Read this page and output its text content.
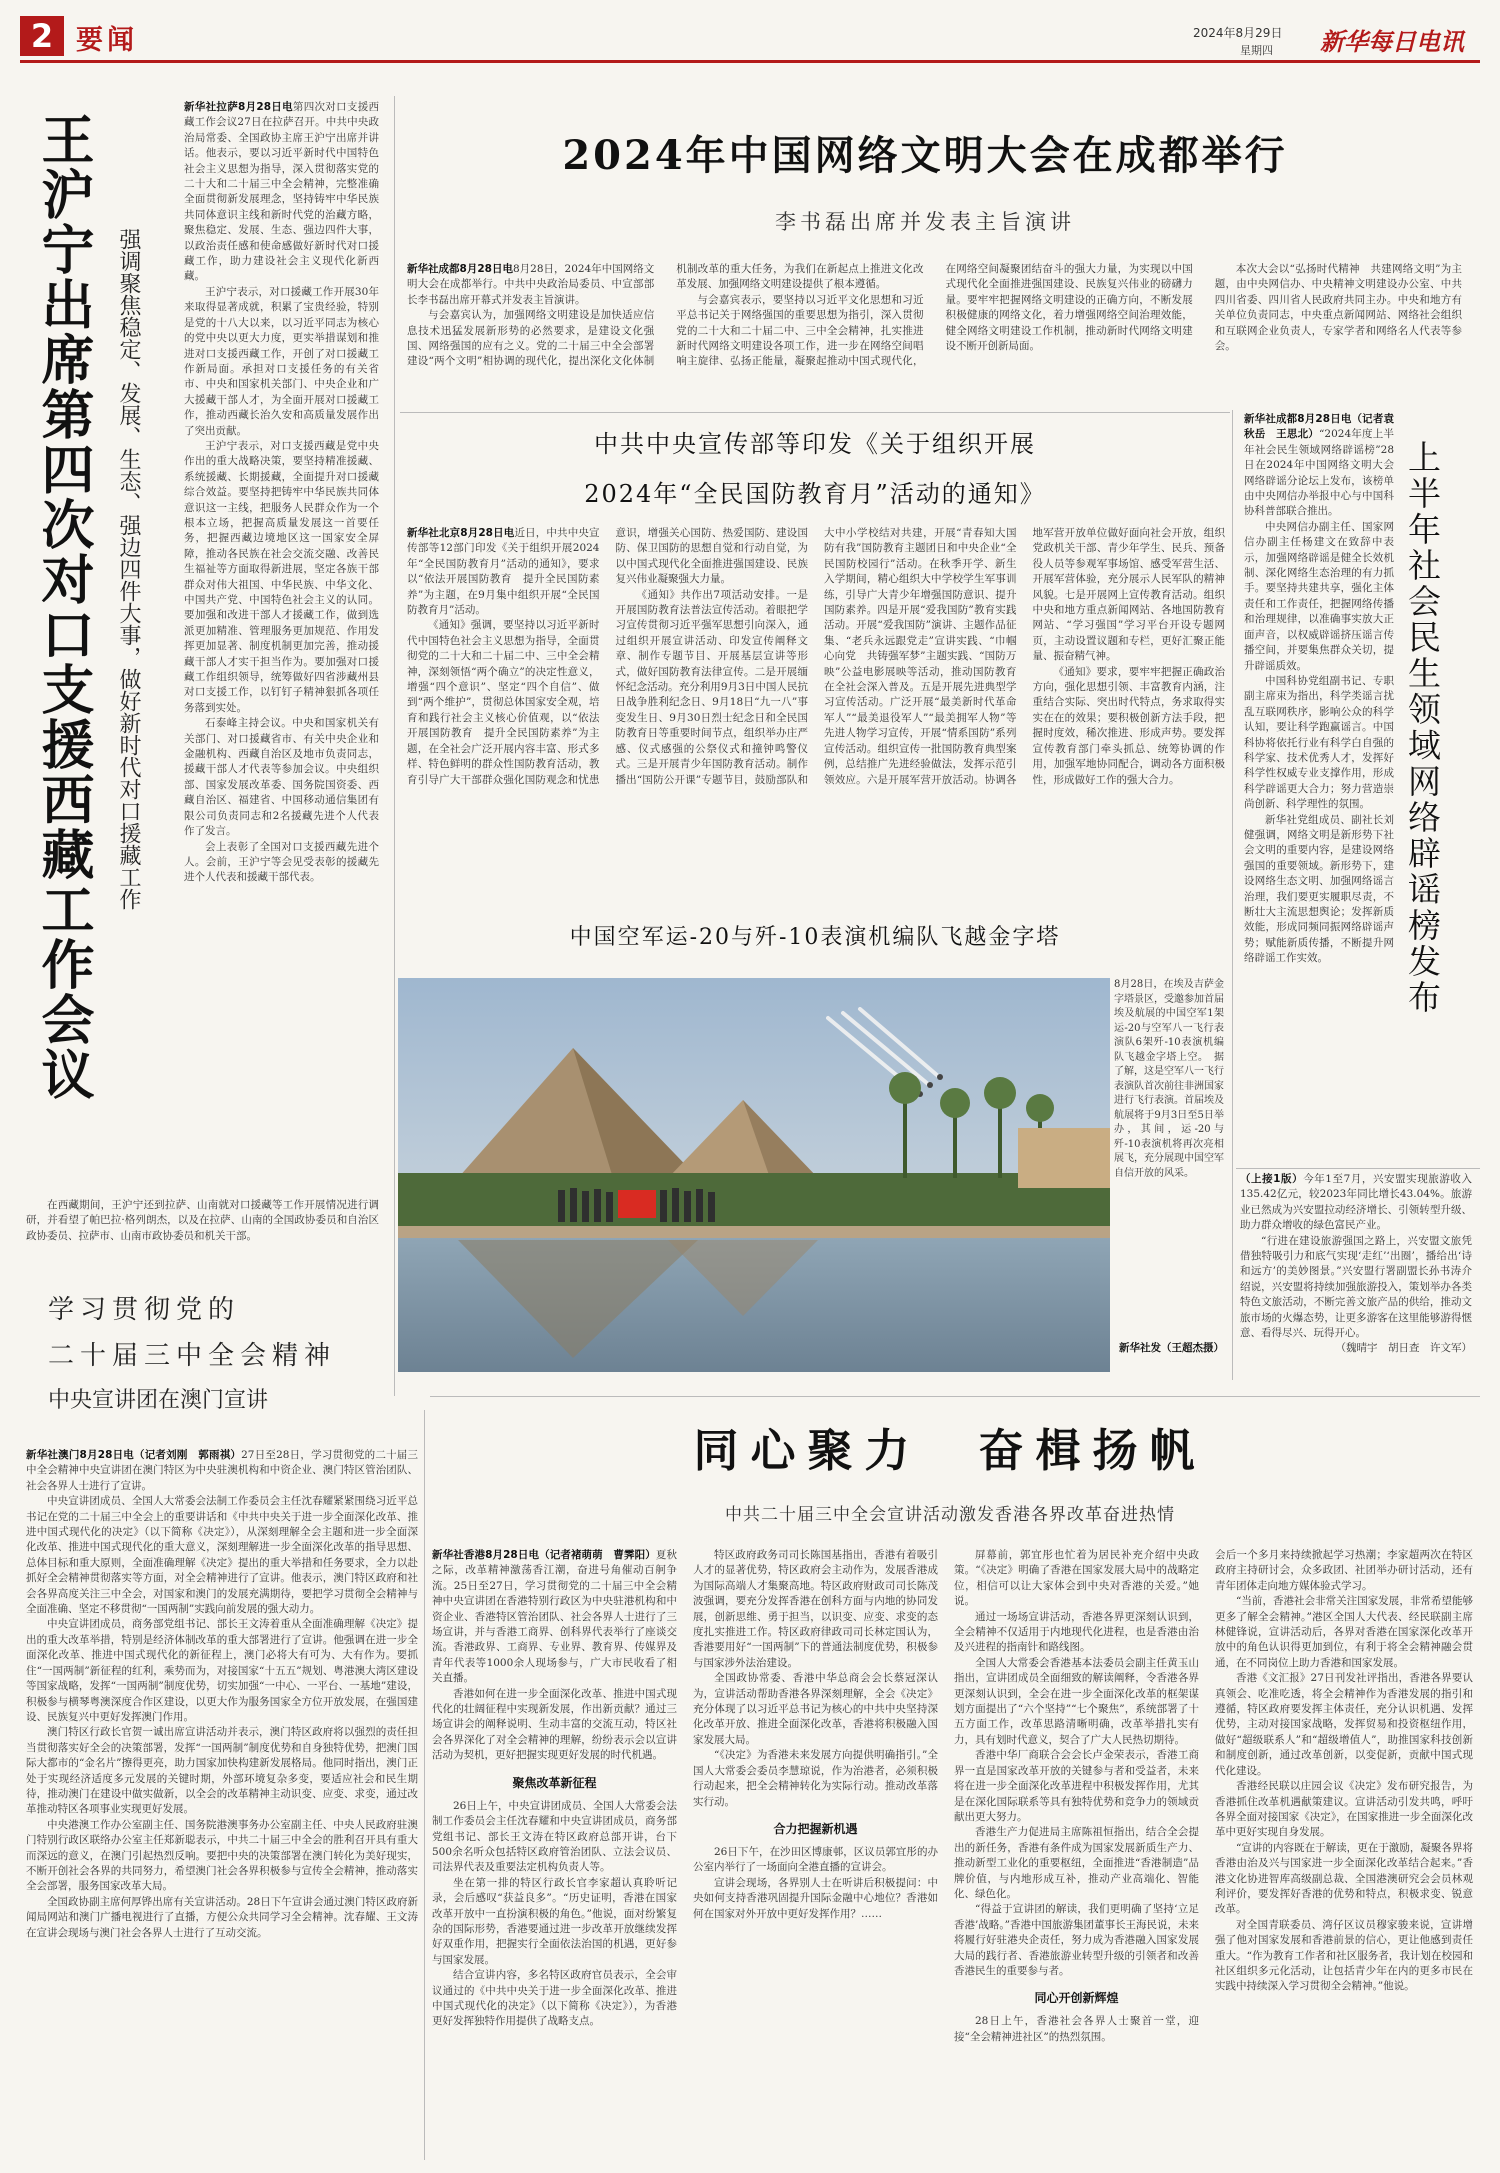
2 要闻	2024年8月29日
星期四 新华每日电讯
王沪宁出席第四次对口支援西藏工作会议 强调聚焦稳定、发展、生态、强边四件大事，做好新时代对口援藏工作

新华社拉萨8月28日电第四次对口支援西藏工作会议27日在拉萨召开。中共中央政治局常委、全国政协主席王沪宁出席并讲话。他表示，要以习近平新时代中国特色社会主义思想为指导，深入贯彻落实党的二十大和二十届三中全会精神，完整准确全面贯彻新发展理念，坚持铸牢中华民族共同体意识主线和新时代党的治藏方略，聚焦稳定、发展、生态、强边四件大事，以政治责任感和使命感做好新时代对口援藏工作，助力建设社会主义现代化新西藏。

王沪宁表示，对口援藏工作开展30年来取得显著成就，积累了宝贵经验，特别是党的十八大以来，以习近平同志为核心的党中央以更大力度，更实举措谋划和推进对口支援西藏工作，开创了对口援藏工作新局面。承担对口支援任务的有关省市、中央和国家机关部门、中央企业和广大援藏干部人才，为全面开展对口援藏工作，推动西藏长治久安和高质量发展作出了突出贡献。

王沪宁表示，对口支援西藏是党中央作出的重大战略决策，要坚持精准援藏、系统援藏、长期援藏，全面提升对口援藏综合效益。要坚持把铸牢中华民族共同体意识这一主线，把服务人民群众作为一个根本立场，把握高质量发展这一首要任务，把握西藏边境地区这一国家安全屏障，推动各民族在社会交流交融、改善民生福祉等方面取得新进展，坚定各族干部群众对伟大祖国、中华民族、中华文化、中国共产党、中国特色社会主义的认同。要加强和改进干部人才援藏工作，做到选派更加精准、管理服务更加规范、作用发挥更加显著、制度机制更加完善，推动援藏干部人才实干担当作为。要加强对口援藏工作组织领导，统筹做好四省涉藏州县对口支援工作，以钉钉子精神狠抓各项任务落到实处。

石泰峰主持会议。中央和国家机关有关部门、对口援藏省市、有关中央企业和金融机构、西藏自治区及地市负责同志，援藏干部人才代表等参加会议。中央组织部、国家发展改革委、国务院国资委、西藏自治区、福建省、中国移动通信集团有限公司负责同志和2名援藏先进个人代表作了发言。

会上表彰了全国对口支援西藏先进个人。会前，王沪宁等会见受表彰的援藏先进个人代表和援藏干部代表。

在西藏期间，王沪宁还到拉萨、山南就对口援藏等工作开展情况进行调研，并看望了帕巴拉·格列朗杰，以及在拉萨、山南的全国政协委员和自治区政协委员、拉萨市、山南市政协委员和机关干部。

学习贯彻党的
二十届三中全会精神
中央宣讲团在澳门宣讲

新华社澳门8月28日电（记者刘刚　郭雨祺）27日至28日，学习贯彻党的二十届三中全会精神中央宣讲团在澳门特区为中央驻澳机构和中资企业、澳门特区管治团队、社会各界人士进行了宣讲。

中央宣讲团成员、全国人大常委会法制工作委员会主任沈春耀紧紧围绕习近平总书记在党的二十届三中全会上的重要讲话和《中共中央关于进一步全面深化改革、推进中国式现代化的决定》（以下简称《决定》），从深刻理解全会主题和进一步全面深化改革、推进中国式现代化的重大意义，深刻理解进一步全面深化改革的指导思想、总体目标和重大原则，全面准确理解《决定》提出的重大举措和任务要求，全力以赴抓好全会精神贯彻落实等方面，对全会精神进行了宣讲。他表示，澳门特区政府和社会各界高度关注三中全会，对国家和澳门的发展充满期待，要把学习贯彻全会精神与全面准确、坚定不移贯彻“一国两制”实践向前发展的强大动力。

中央宣讲团成员，商务部党组书记、部长王文涛着重从全面准确理解《决定》提出的重大改革举措，特别是经济体制改革的重大部署进行了宣讲。他强调在进一步全面深化改革、推进中国式现代化的新征程上，澳门必将大有可为、大有作为。要抓住“一国两制”新征程的红利，乘势而为，对接国家“十五五”规划、粤港澳大湾区建设等国家战略，发挥“一国两制”制度优势，切实加强“一中心、一平台、一基地”建设，积极参与横琴粤澳深度合作区建设，以更大作为服务国家全方位开放发展，在强国建设、民族复兴中更好发挥澳门作用。

澳门特区行政长官贺一诚出席宣讲活动并表示，澳门特区政府将以强烈的责任担当贯彻落实好全会的决策部署，发挥“一国两制”制度优势和自身独特优势，把澳门国际大都市的“金名片”擦得更亮，助力国家加快构建新发展格局。他同时指出，澳门正处于实现经济适度多元发展的关键时期，外部环境复杂多变，要适应社会和民生期待，推动澳门在建设中做实做新，以全会的改革精神主动识变、应变、求变，通过改革推动特区各项事业实现更好发展。

中央港澳工作办公室副主任、国务院港澳事务办公室副主任、中央人民政府驻澳门特别行政区联络办公室主任郑新聪表示，中共二十届三中全会的胜利召开具有重大而深远的意义，在澳门引起热烈反响。要把中央的决策部署在澳门转化为美好现实，不断开创社会各界的共同努力，希望澳门社会各界积极参与宣传全会精神，推动落实全会部署，服务国家改革大局。

全国政协副主席何厚铧出席有关宣讲活动。28日下午宣讲会通过澳门特区政府新闻局网站和澳门广播电视进行了直播，方便公众共同学习全会精神。沈春耀、王文涛在宣讲会现场与澳门社会各界人士进行了互动交流。

2024年中国网络文明大会在成都举行
李书磊出席并发表主旨演讲

新华社成都8月28日电8月28日，2024年中国网络文明大会在成都举行。中共中央政治局委员、中宣部部长李书磊出席开幕式并发表主旨演讲。

与会嘉宾认为，加强网络文明建设是加快适应信息技术迅猛发展新形势的必然要求，是建设文化强国、网络强国的应有之义。党的二十届三中全会部署建设“两个文明”相协调的现代化，提出深化文化体制机制改革的重大任务，为我们在新起点上推进文化改革发展、加强网络文明建设提供了根本遵循。

与会嘉宾表示，要坚持以习近平文化思想和习近平总书记关于网络强国的重要思想为指引，深入贯彻党的二十大和二十届二中、三中全会精神，扎实推进新时代网络文明建设各项工作，进一步在网络空间唱响主旋律、弘扬正能量，凝聚起推动中国式现代化，在网络空间凝聚团结奋斗的强大力量，为实现以中国式现代化全面推进强国建设、民族复兴伟业的磅礴力量。要牢牢把握网络文明建设的正确方向，不断发展积极健康的网络文化，着力增强网络空间治理效能，健全网络文明建设工作机制，推动新时代网络文明建设不断开创新局面。

本次大会以“弘扬时代精神　共建网络文明”为主题，由中央网信办、中央精神文明建设办公室、中共四川省委、四川省人民政府共同主办。中央和地方有关单位负责同志，中央重点新闻网站、网络社会组织和互联网企业负责人，专家学者和网络名人代表等参会。

中共中央宣传部等印发《关于组织开展
2024年“全民国防教育月”活动的通知》

新华社北京8月28日电近日，中共中央宣传部等12部门印发《关于组织开展2024年“全民国防教育月”活动的通知》，要求以“依法开展国防教育　提升全民国防素养”为主题，在9月集中组织开展“全民国防教育月”活动。

《通知》强调，要坚持以习近平新时代中国特色社会主义思想为指导，全面贯彻党的二十大和二十届二中、三中全会精神，深刻领悟“两个确立”的决定性意义，增强“四个意识”、坚定“四个自信”、做到“两个维护”，贯彻总体国家安全观，培育和践行社会主义核心价值观，以“依法开展国防教育　提升全民国防素养”为主题，在全社会广泛开展内容丰富、形式多样、特色鲜明的群众性国防教育活动，教育引导广大干部群众强化国防观念和忧患意识，增强关心国防、热爱国防、建设国防、保卫国防的思想自觉和行动自觉，为以中国式现代化全面推进强国建设、民族复兴伟业凝聚强大力量。

《通知》共作出7项活动安排。一是开展国防教育法普法宣传活动。着眼把学习宣传贯彻习近平强军思想引向深入，通过组织开展宣讲活动、印发宣传阐释文章、制作专题节目、开展基层宣讲等形式，做好国防教育法律宣传。二是开展缅怀纪念活动。充分利用9月3日中国人民抗日战争胜利纪念日、9月18日“九一八”事变发生日、9月30日烈士纪念日和全民国防教育日等重要时间节点，组织举办庄严感、仪式感强的公祭仪式和撞钟鸣警仪式。三是开展青少年国防教育活动。制作播出“国防公开课”专题节目，鼓励部队和大中小学校结对共建，开展“青春知大国　防有我”国防教育主题团日和中央企业“全民国防校园行”活动。在秋季开学、新生入学期间，精心组织大中学校学生军事训练，引导广大青少年增强国防意识、提升国防素养。四是开展“爱我国防”教育实践活动。开展“爱我国防”演讲、主题作品征集、“老兵永远跟党走”宣讲实践、“巾帼心向党　共铸强军梦”主题实践、“国防万映”公益电影展映等活动，推动国防教育在全社会深入普及。五是开展先进典型学习宣传活动。广泛开展“最美新时代革命军人”“最美退役军人”“最美拥军人物”等先进人物学习宣传，开展“情系国防”系列宣传活动。组织宣传一批国防教育典型案例，总结推广先进经验做法，发挥示范引领效应。六是开展军营开放活动。协调各地军营开放单位做好面向社会开放，组织党政机关干部、青少年学生、民兵、预备役人员等参观军事场馆、感受军营生活、开展军营体验，充分展示人民军队的精神风貌。七是开展网上宣传教育活动。组织中央和地方重点新闻网站、各地国防教育网站、“学习强国”学习平台开设专题网页，主动设置议题和专栏，更好汇聚正能量、振奋精气神。

《通知》要求，要牢牢把握正确政治方向，强化思想引领、丰富教育内涵，注重结合实际、突出时代特点，务求取得实实在在的效果；要积极创新方法手段，把握时度效，稀次推进、形成声势。要发挥宣传教育部门牵头抓总、统筹协调的作用，加强军地协同配合，调动各方面积极性，形成做好工作的强大合力。	上半年社会民生领域网络辟谣榜发布

新华社成都8月28日电（记者袁秋岳　王思北）“2024年度上半年社会民生领域网络辟谣榜”28日在2024年中国网络文明大会网络辟谣分论坛上发布，该榜单由中央网信办举报中心与中国科协科普部联合推出。

中央网信办副主任、国家网信办副主任杨建文在致辞中表示，加强网络辟谣是健全长效机制、深化网络生态治理的有力抓手。要坚持共建共享，强化主体责任和工作责任，把握网络传播和治理规律，以准确事实放大正面声音，以权威辟谣挤压谣言传播空间，并要集焦群众关切，提升辟谣质效。

中国科协党组副书记、专职副主席束为指出，科学类谣言扰乱互联网秩序，影响公众的科学认知，要让科学跑赢谣言。中国科协将依托行业有科学白自强的科学家、技术优秀人才，发挥好科学性权威专业支撑作用，形成科学辟谣更大合力；努力营造崇尚创新、科学理性的氛围。

新华社党组成员、副社长刘健强调，网络文明是新形势下社会文明的重要内容，是建设网络强国的重要领域。新形势下，建设网络生态文明、加强网络谣言治理，我们要更实履职尽责，不断壮大主流思想舆论；发挥新质效能，形成同频同振网络辟谣声势；赋能新质传播，不断提升网络辟谣工作实效。

（上接1版）今年1至7月，兴安盟实现旅游收入135.42亿元，较2023年同比增长43.04%。旅游业已然成为兴安盟拉动经济增长、引领转型升级、助力群众增收的绿色富民产业。

“行进在建设旅游强国之路上，兴安盟文旅凭借独特吸引力和底气实现‘走红’‘出圈’，播给出‘诗和远方’的美妙图景。”兴安盟行署副盟长孙书涛介绍说，兴安盟将持续加强旅游投入，策划举办各类特色文旅活动，不断完善文旅产品的供给，推动文旅市场的火爆态势，让更多游客在这里能够游得惬意、看得尽兴、玩得开心。

（魏晴宇　胡日查　许文军）

中国空军运-20与歼-10表演机编队飞越金字塔

8月28日，在埃及吉萨金字塔景区，受邀参加首届埃及航展的中国空军1架运-20与空军八一飞行表演队6架歼-10表演机编队飞越金字塔上空。　据了解，这是空军八一飞行表演队首次前往非洲国家进行飞行表演。首届埃及航展将于9月3日至5日举办，其间，运-20与歼-10表演机将再次亮相展飞，充分展现中国空军自信开放的风采。

新华社发（王超杰摄）
同心聚力　奋楫扬帆
中共二十届三中全会宣讲活动激发香港各界改革奋进热情

新华社香港8月28日电（记者褚萌萌　曹霁阳）夏秋之际，改革精神激荡香江潮，奋进号角催动百舸争流。25日至27日，学习贯彻党的二十届三中全会精神中央宣讲团在香港特别行政区为中央驻港机构和中资企业、香港特区管治团队、社会各界人士进行了三场宣讲，并与香港工商界、创科界代表举行了座谈交流。香港政界、工商界、专业界、教育界、传媒界及青年代表等1000余人现场参与，广大市民收看了相关直播。

香港如何在进一步全面深化改革、推进中国式现代化的壮阔征程中实现新发展，作出新贡献？通过三场宣讲会的阐释说明、生动丰富的交流互动，特区社会各界深化了对全会精神的理解，纷纷表示会以宣讲活动为契机，更好把握实现更好发展的时代机遇。

聚焦改革新征程

26日上午，中央宣讲团成员、全国人大常委会法制工作委员会主任沈春耀和中央宣讲团成员，商务部党组书记、部长王文涛在特区政府总部开讲，台下500余名听众包括特区政府管治团队、立法会议员、司法界代表及重要法定机构负责人等。

坐在第一排的特区行政长官李家超认真聆听记录，会后感叹“获益良多”。“历史证明，香港在国家改革开放中一直扮演积极的角色。”他说，面对纷繁复杂的国际形势，香港要通过进一步改革开放继续发挥好双重作用，把握实行全面依法治国的机遇，更好参与国家发展。

结合宣讲内容，多名特区政府官员表示，全会审议通过的《中共中央关于进一步全面深化改革、推进中国式现代化的决定》（以下简称《决定》），为香港更好发挥独特作用提供了战略支点。

特区政府政务司司长陈国基指出，香港有着吸引人才的显著优势，特区政府会主动作为，发展香港成为国际高端人才集聚高地。特区政府财政司司长陈茂波强调，要充分发挥香港在创科方面与内地的协同发展，创新思维、勇于担当，以识变、应变、求变的态度扎实推进工作。特区政府律政司司长林定国认为，香港要用好“一国两制”下的普通法制度优势，积极参与国家涉外法治建设。

全国政协常委、香港中华总商会会长蔡冠深认为，宣讲活动帮助香港各界深刻理解，全会《决定》充分体现了以习近平总书记为核心的中共中央坚持深化改革开放、推进全面深化改革，香港将积极融入国家发展大局。

“《决定》为香港未来发展方向提供明确指引。”全国人大常委会委员李慧琼说，作为治港者，必须积极行动起来，把全会精神转化为实际行动。推动改革落实行动。

合力把握新机遇

26日下午，在沙田区博康邨，区议员郭宜彤的办公室内举行了一场面向全港直播的宣讲会。

宣讲会现场，各界别人士在听讲后积极提问：中央如何支持香港巩固提升国际金融中心地位？香港如何在国家对外开放中更好发挥作用？……

屏幕前，郭宜彤也忙着为居民补充介绍中央政策。“《决定》明确了香港在国家发展大局中的战略定位，相信可以让大家体会到中央对香港的关爱。”她说。

通过一场场宣讲活动，香港各界更深刻认识到，全会精神不仅适用于内地现代化进程，也是香港由治及兴进程的指南针和路线图。

全国人大常委会香港基本法委员会副主任黄玉山指出，宣讲团成员全面细致的解读阐释，令香港各界更深刻认识到，全会在进一步全面深化改革的框架谋划方面提出了“六个坚持”“七个聚焦”，系统部署了十五方面工作，改革思路清晰明确，改革举措扎实有力，具有划时代意义，契合了广大人民热切期待。

香港中华厂商联合会会长卢金荣表示，香港工商界一直是国家改革开放的关键参与者和受益者，未来将在进一步全面深化改革进程中积极发挥作用，尤其是在深化国际联系等具有独特优势和竞争力的领域贡献出更大努力。

香港生产力促进局主席陈祖恒指出，结合全会提出的新任务，香港有条件成为国家发展新质生产力、推动新型工业化的重要枢纽，全面推进“香港制造”品牌价值，与内地形成互补，推动产业高端化、智能化、绿色化。

“得益于宣讲团的解读，我们更明确了坚持‘立足香港’战略。”香港中国旅游集团董事长王海民说，未来将履行好驻港央企责任，努力成为香港融入国家发展大局的践行者、香港旅游业转型升级的引领者和改善香港民生的重要参与者。

同心开创新辉煌

28日上午，香港社会各界人士聚首一堂，迎接“全会精神进社区”的热烈氛围。

会后一个多月来持续掀起学习热潮；李家超两次在特区政府主持研讨会，众多政团、社团举办研讨活动，还有青年团体走向地方媒体验式学习。

“当前，香港社会非常关注国家发展，非常希望能够更多了解全会精神。”港区全国人大代表、经民联副主席林健锋说，宣讲活动后，各界对香港在国家深化改革开放中的角色认识得更加到位，有利于将全会精神融会贯通，在不同岗位上助力香港和国家发展。

香港《文汇报》27日刊发社评指出，香港各界要认真领会、吃准吃透，将全会精神作为香港发展的指引和遵循，特区政府要发挥主体责任，充分认识机遇、发挥优势，主动对接国家战略，发挥贸易和投资枢纽作用，做好“超级联系人”和“超级增值人”，助推国家科技创新和制度创新，通过改革创新，以变促新，贡献中国式现代化建设。

香港经民联以庄园会议《决定》发布研究报告，为香港抓住改革机遇献策建议。宣讲活动引发共鸣，呼吁各界全面对接国家《决定》，在国家推进一步全面深化改革中更好实现自身发展。

“宣讲的内容既在于解读，更在于激励，凝聚各界将香港由治及兴与国家进一步全面深化改革结合起来。”香港文化协进智库高级副总裁、全国港澳研究会会员林观利评价，要发挥好香港的优势和特点，积极求变、锐意改革。

对全国青联委员、湾仔区议员穆家骏来说，宣讲增强了他对国家发展和香港前景的信心，更让他感到责任重大。“作为教育工作者和社区服务者，我计划在校园和社区组织多元化活动，让包括青少年在内的更多市民在实践中持续深入学习贯彻全会精神。”他说。
